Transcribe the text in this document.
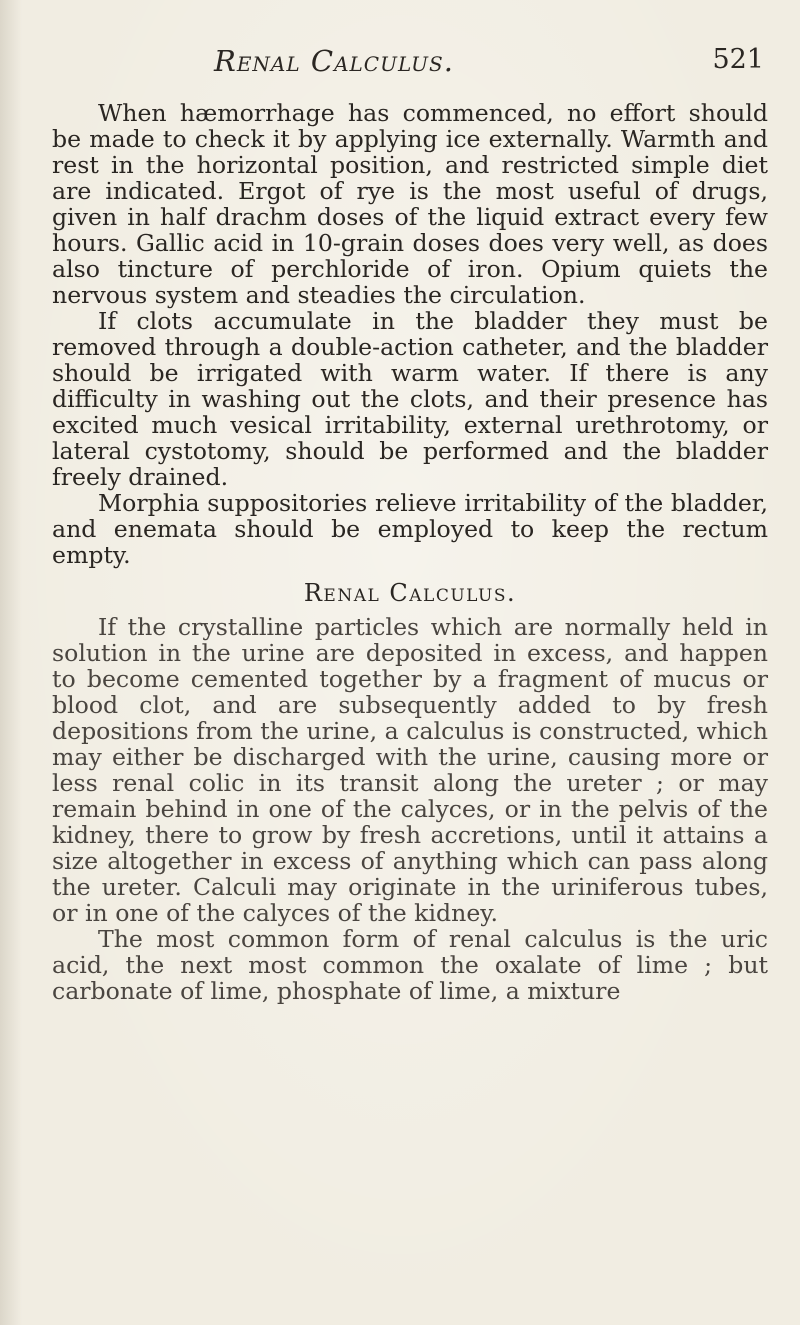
Renal Calculus.	521

When hæmorrhage has commenced, no effort should be made to check it by applying ice externally. Warmth and rest in the horizontal position, and restricted simple diet are indicated. Ergot of rye is the most useful of drugs, given in half drachm doses of the liquid extract every few hours. Gallic acid in 10-grain doses does very well, as does also tincture of perchloride of iron. Opium quiets the nervous system and steadies the circulation.

If clots accumulate in the bladder they must be removed through a double-action catheter, and the bladder should be irrigated with warm water. If there is any difficulty in washing out the clots, and their presence has excited much vesical irritability, external urethrotomy, or lateral cystotomy, should be performed and the bladder freely drained.

Morphia suppositories relieve irritability of the bladder, and enemata should be employed to keep the rectum empty.

Renal Calculus.

If the crystalline particles which are normally held in solution in the urine are deposited in excess, and happen to become cemented together by a fragment of mucus or blood clot, and are subsequently added to by fresh depositions from the urine, a calculus is constructed, which may either be discharged with the urine, causing more or less renal colic in its transit along the ureter ; or may remain behind in one of the calyces, or in the pelvis of the kidney, there to grow by fresh accretions, until it attains a size altogether in excess of anything which can pass along the ureter. Calculi may originate in the uriniferous tubes, or in one of the calyces of the kidney.

The most common form of renal calculus is the uric acid, the next most common the oxalate of lime ; but carbonate of lime, phosphate of lime, a mixture
